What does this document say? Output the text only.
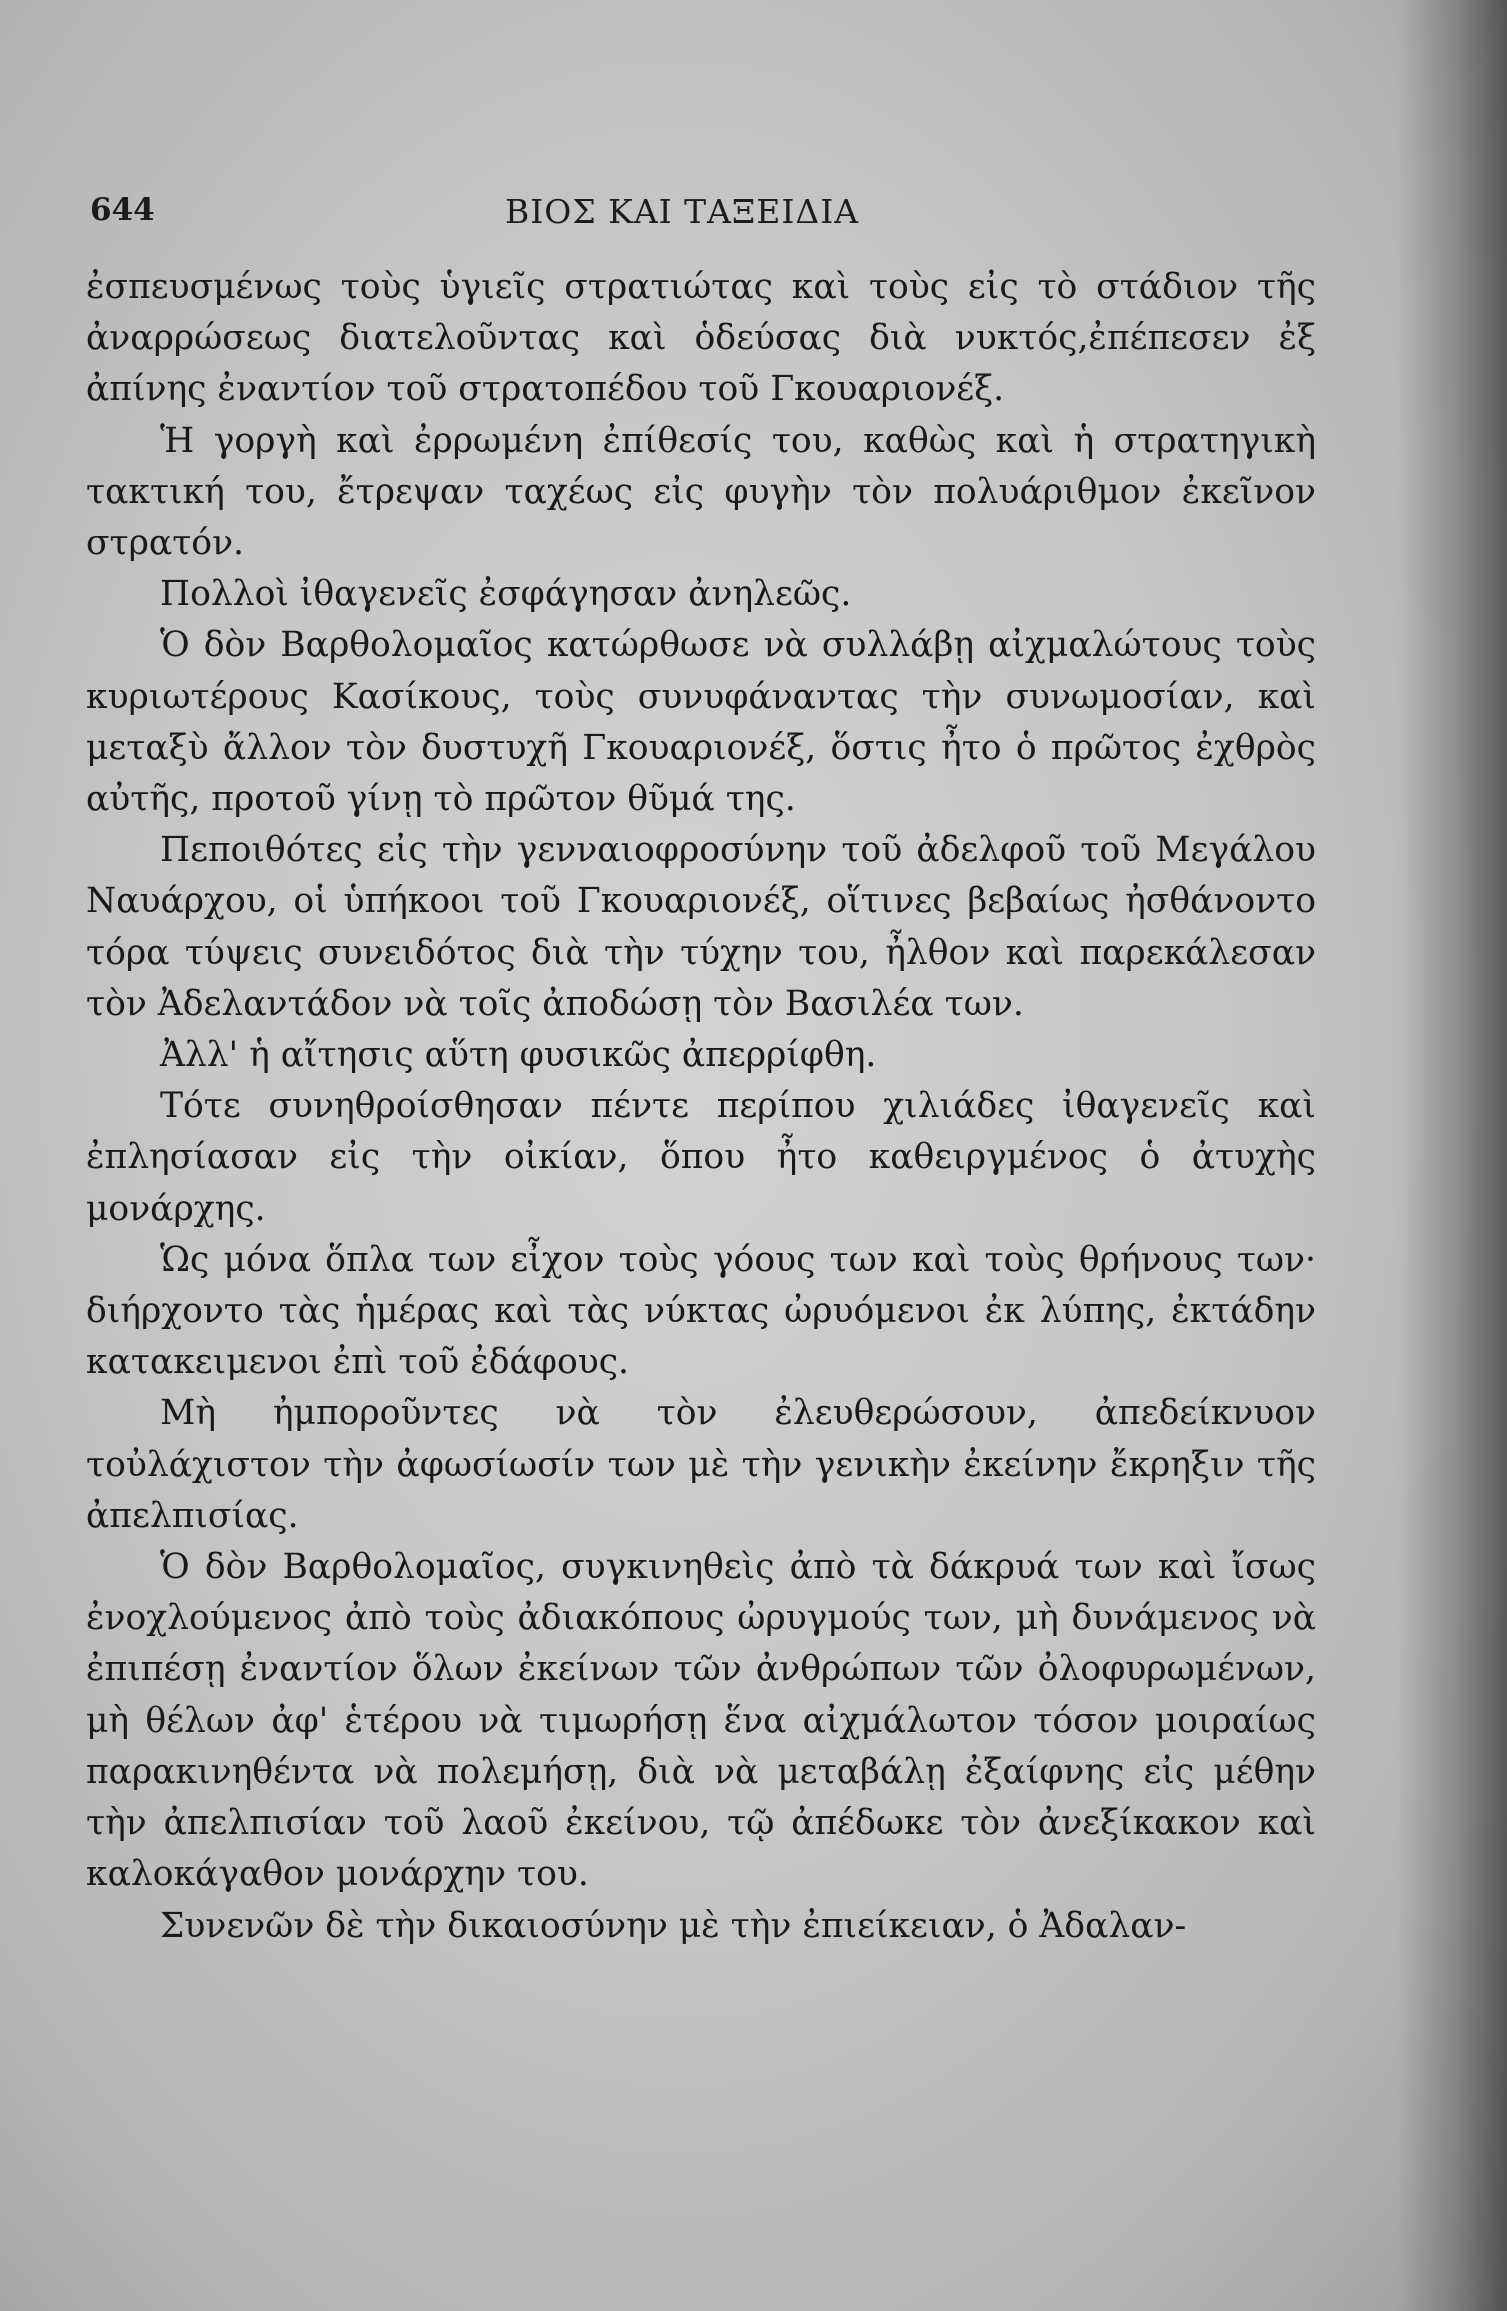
644	ΒΙΟΣ ΚΑΙ ΤΑΞΕΙΔΙΑ

ἐσπευσμένως τοὺς ὑγιεῖς στρατιώτας καὶ τοὺς εἰς τὸ στάδιον τῆς ἀναρρώσεως διατελοῦντας καὶ ὁδεύσας διὰ νυκτός,ἐπέπεσεν ἐξ ἀπίνης ἐναντίον τοῦ στρατοπέδου τοῦ Γκουαριονέξ.

Ἡ γοργὴ καὶ ἐρρωμένη ἐπίθεσίς του, καθὼς καὶ ἡ στρατηγικὴ τακτική του, ἔτρεψαν ταχέως εἰς φυγὴν τὸν πολυάριθμον ἐκεῖνον στρατόν.

Πολλοὶ ἰθαγενεῖς ἐσφάγησαν ἀνηλεῶς.

Ὁ δὸν Βαρθολομαῖος κατώρθωσε νὰ συλλάβῃ αἰχμαλώτους τοὺς κυριωτέρους Κασίκους, τοὺς συνυφάναντας τὴν συνωμοσίαν, καὶ μεταξὺ ἄλλον τὸν δυστυχῆ Γκουαριονέξ, ὅστις ἦτο ὁ πρῶτος ἐχθρὸς αὐτῆς, προτοῦ γίνῃ τὸ πρῶτον θῦμά της.

Πεποιθότες εἰς τὴν γενναιοφροσύνην τοῦ ἀδελφοῦ τοῦ Μεγάλου Ναυάρχου, οἱ ὑπήκοοι τοῦ Γκουαριονέξ, οἵτινες βεβαίως ἠσθάνοντο τόρα τύψεις συνειδότος διὰ τὴν τύχην του, ἦλθον καὶ παρεκάλεσαν τὸν Ἀδελαντάδον νὰ τοῖς ἀποδώσῃ τὸν Βασιλέα των.

Ἀλλ' ἡ αἴτησις αὕτη φυσικῶς ἀπερρίφθη.

Τότε συνηθροίσθησαν πέντε περίπου χιλιάδες ἰθαγενεῖς καὶ ἐπλησίασαν εἰς τὴν οἰκίαν, ὅπου ἦτο καθειργμένος ὁ ἀτυχὴς μονάρχης.

Ὡς μόνα ὅπλα των εἶχον τοὺς γόους των καὶ τοὺς θρήνους των· διήρχοντο τὰς ἡμέρας καὶ τὰς νύκτας ὠρυόμενοι ἐκ λύπης, ἐκτάδην κατακειμενοι ἐπὶ τοῦ ἐδάφους.

Μὴ ἠμποροῦντες νὰ τὸν ἐλευθερώσουν, ἀπεδείκνυον τοὐλάχιστον τὴν ἀφωσίωσίν των μὲ τὴν γενικὴν ἐκείνην ἔκρηξιν τῆς ἀπελπισίας.

Ὁ δὸν Βαρθολομαῖος, συγκινηθεὶς ἀπὸ τὰ δάκρυά των καὶ ἴσως ἐνοχλούμενος ἀπὸ τοὺς ἀδιακόπους ὠρυγμούς των, μὴ δυνάμενος νὰ ἐπιπέσῃ ἐναντίον ὅλων ἐκείνων τῶν ἀνθρώπων τῶν ὀλοφυρωμένων, μὴ θέλων ἀφ' ἑτέρου νὰ τιμωρήσῃ ἕνα αἰχμάλωτον τόσον μοιραίως παρακινηθέντα νὰ πολεμήσῃ, διὰ νὰ μεταβάλῃ ἐξαίφνης εἰς μέθην τὴν ἀπελπισίαν τοῦ λαοῦ ἐκείνου, τῷ ἀπέδωκε τὸν ἀνεξίκακον καὶ καλοκάγαθον μονάρχην του.

Συνενῶν δὲ τὴν δικαιοσύνην μὲ τὴν ἐπιείκειαν, ὁ Ἀδαλαν-
